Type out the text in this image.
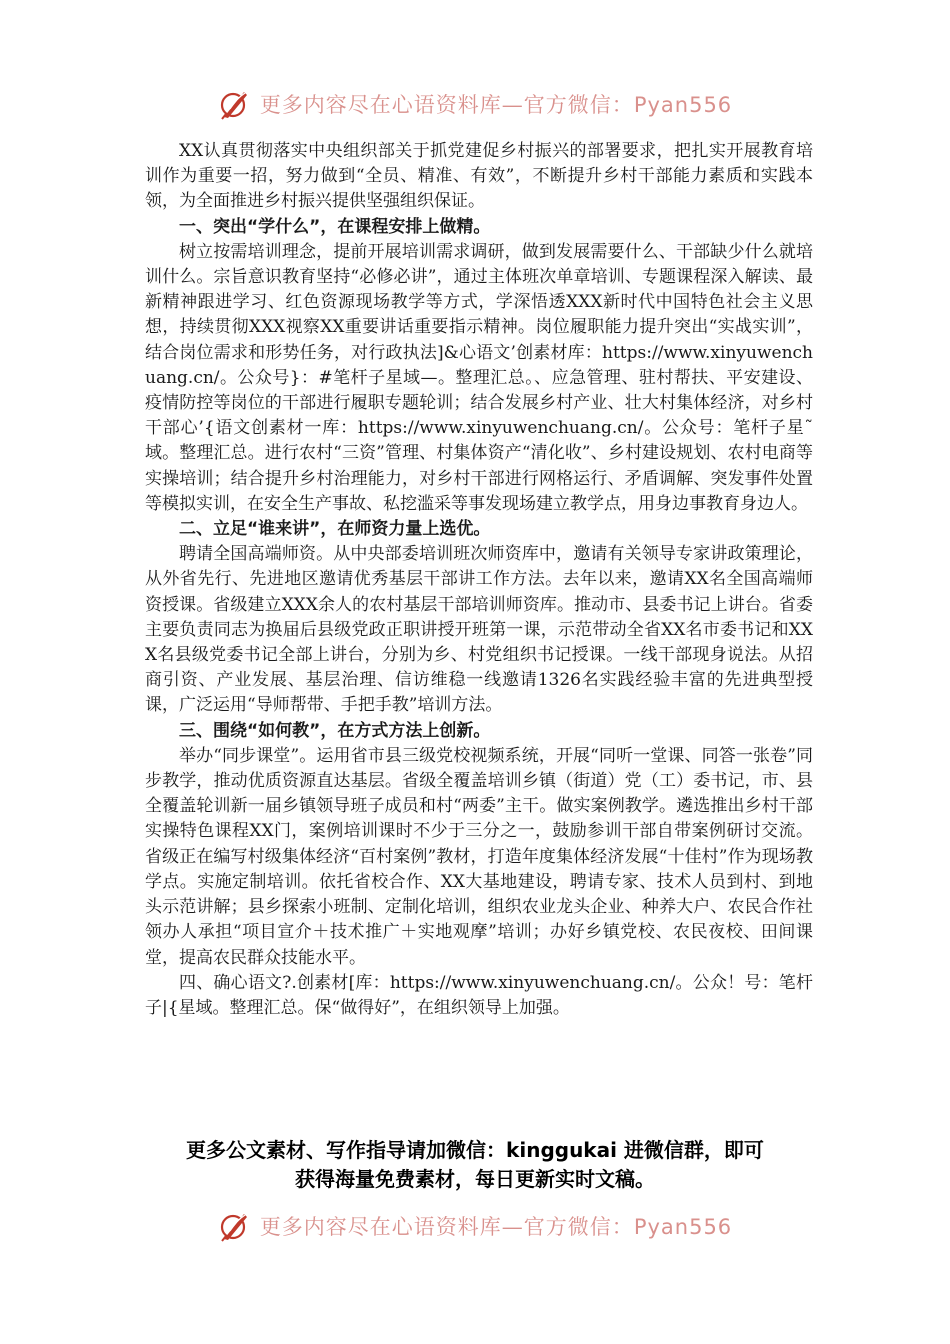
更多内容尽在心语资料库—官方微信：Pyan556

XX认真贯彻落实中央组织部关于抓党建促乡村振兴的部署要求，把扎实开展教育培训作为重要一招，努力做到“全员、精准、有效”，不断提升乡村干部能力素质和实践本领，为全面推进乡村振兴提供坚强组织保证。

一、突出“学什么”，在课程安排上做精。

树立按需培训理念，提前开展培训需求调研，做到发展需要什么、干部缺少什么就培训什么。宗旨意识教育坚持“必修必讲”，通过主体班次单章培训、专题课程深入解读、最新精神跟进学习、红色资源现场教学等方式，学深悟透XXX新时代中国特色社会主义思想，持续贯彻XXX视察XX重要讲话重要指示精神。岗位履职能力提升突出“实战实训”，结合岗位需求和形势任务，对行政执法]&心语文’创素材库：https://www.xinyuwenchuang.cn/。公众号}：#笔杆子星域—。整理汇总。、应急管理、驻村帮扶、平安建设、疫情防控等岗位的干部进行履职专题轮训；结合发展乡村产业、壮大村集体经济，对乡村干部心’{语文创素材一库：https://www.xinyuwenchuang.cn/。公众号：笔杆子星˜域。整理汇总。进行农村“三资”管理、村集体资产“清化收”、乡村建设规划、农村电商等实操培训；结合提升乡村治理能力，对乡村干部进行网格运行、矛盾调解、突发事件处置等模拟实训，在安全生产事故、私挖滥采等事发现场建立教学点，用身边事教育身边人。

二、立足“谁来讲”，在师资力量上选优。

聘请全国高端师资。从中央部委培训班次师资库中，邀请有关领导专家讲政策理论，从外省先行、先进地区邀请优秀基层干部讲工作方法。去年以来，邀请XX名全国高端师资授课。省级建立XXX余人的农村基层干部培训师资库。推动市、县委书记上讲台。省委主要负责同志为换届后县级党政正职讲授开班第一课，示范带动全省XX名市委书记和XXX名县级党委书记全部上讲台，分别为乡、村党组织书记授课。一线干部现身说法。从招商引资、产业发展、基层治理、信访维稳一线邀请1326名实践经验丰富的先进典型授课，广泛运用“导师帮带、手把手教”培训方法。

三、围绕“如何教”，在方式方法上创新。

举办“同步课堂”。运用省市县三级党校视频系统，开展“同听一堂课、同答一张卷”同步教学，推动优质资源直达基层。省级全覆盖培训乡镇（街道）党（工）委书记，市、县全覆盖轮训新一届乡镇领导班子成员和村“两委”主干。做实案例教学。遴选推出乡村干部实操特色课程XX门，案例培训课时不少于三分之一，鼓励参训干部自带案例研讨交流。省级正在编写村级集体经济“百村案例”教材，打造年度集体经济发展“十佳村”作为现场教学点。实施定制培训。依托省校合作、XX大基地建设，聘请专家、技术人员到村、到地头示范讲解；县乡探索小班制、定制化培训，组织农业龙头企业、种养大户、农民合作社领办人承担“项目宣介＋技术推广＋实地观摩”培训；办好乡镇党校、农民夜校、田间课堂，提高农民群众技能水平。

四、确心语文?.创素材[库：https://www.xinyuwenchuang.cn/。公众！号：笔杆子|{星域。整理汇总。保“做得好”，在组织领导上加强。

更多公文素材、写作指导请加微信：kinggukai 进微信群，即可
获得海量免费素材，每日更新实时文稿。
更多内容尽在心语资料库—官方微信：Pyan556
